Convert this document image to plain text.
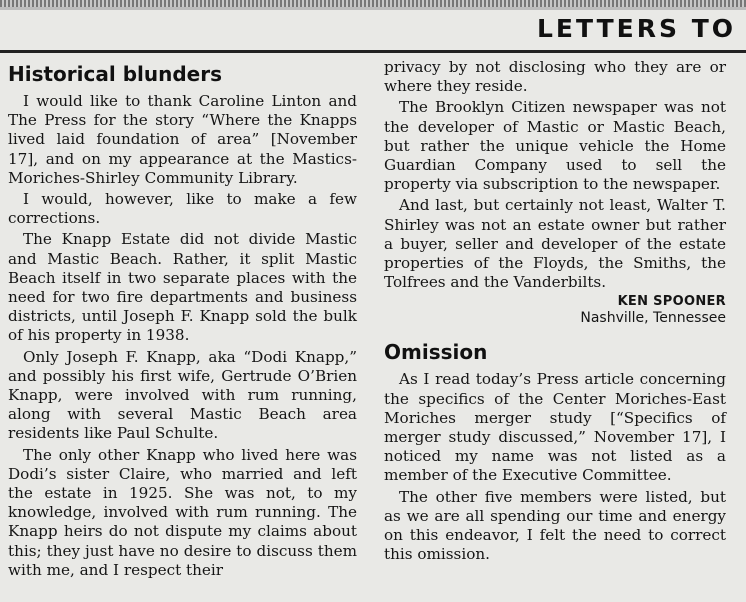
LETTERS TO
Historical blunders

I would like to thank Caroline Linton and The Press for the story “Where the Knapps lived laid foundation of area” [November 17], and on my appearance at the Mastics-Moriches-Shirley Community Library.

I would, however, like to make a few corrections.

The Knapp Estate did not divide Mastic and Mastic Beach. Rather, it split Mastic Beach itself in two separate places with the need for two fire departments and business districts, until Joseph F. Knapp sold the bulk of his property in 1938.

Only Joseph F. Knapp, aka “Dodi Knapp,” and possibly his first wife, Gertrude O’Brien Knapp, were involved with rum running, along with several Mastic Beach area residents like Paul Schulte.

The only other Knapp who lived here was Dodi’s sister Claire, who married and left the estate in 1925. She was not, to my knowledge, involved with rum running. The Knapp heirs do not dispute my claims about this; they just have no desire to discuss them with me, and I respect their

privacy by not disclosing who they are or where they reside.

The Brooklyn Citizen newspaper was not the developer of Mastic or Mastic Beach, but rather the unique vehicle the Home Guardian Company used to sell the property via subscription to the newspaper.

And last, but certainly not least, Walter T. Shirley was not an estate owner but rather a buyer, seller and developer of the estate properties of the Floyds, the Smiths, the Tolfrees and the Vanderbilts.

KEN SPOONER
Nashville, Tennessee
Omission

As I read today’s Press article concerning the specifics of the Center Moriches-East Moriches merger study [“Specifics of merger study discussed,” November 17], I noticed my name was not listed as a member of the Executive Committee.

The other five members were listed, but as we are all spending our time and energy on this endeavor, I felt the need to correct this omission.
